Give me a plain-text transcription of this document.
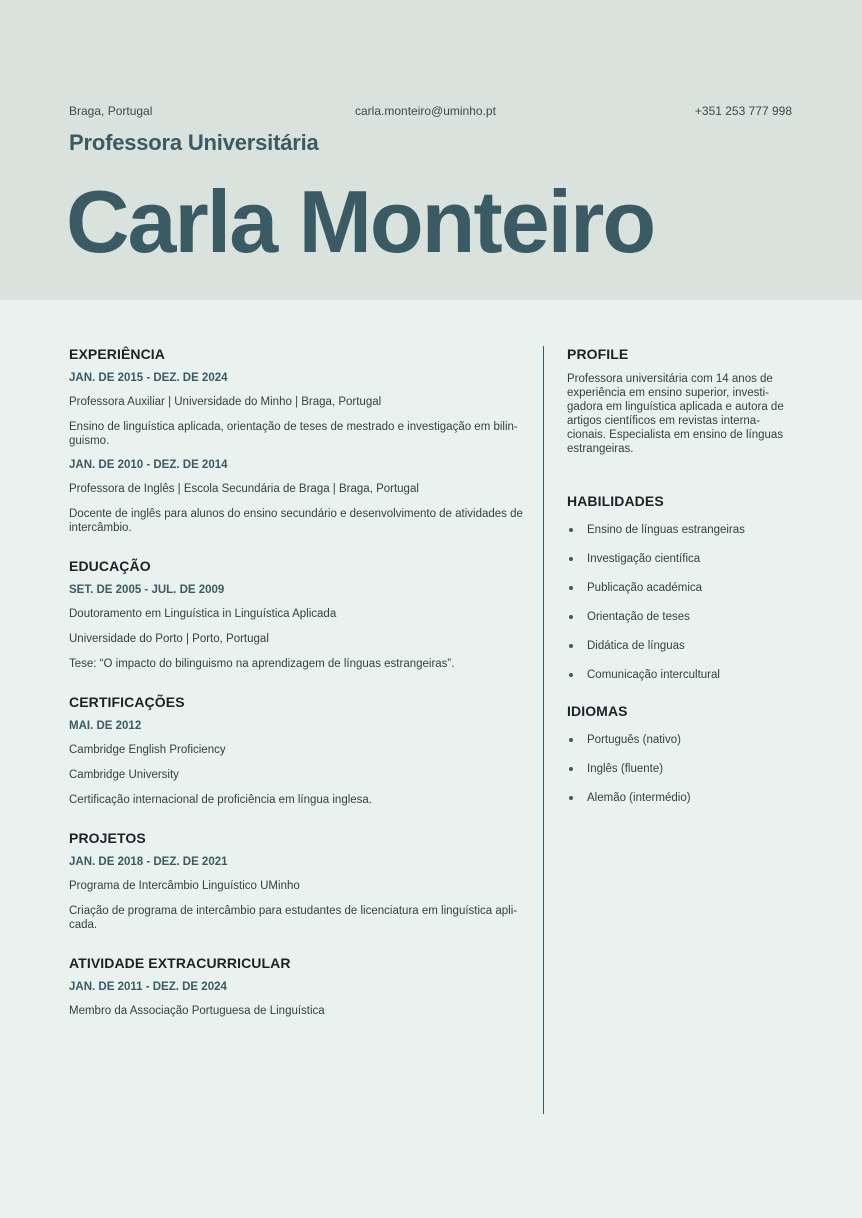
Braga, Portugal	carla.monteiro@uminho.pt	+351 253 777 998
Professora Universitária
Carla Monteiro
EXPERIÊNCIA
JAN. DE 2015 - DEZ. DE 2024
Professora Auxiliar | Universidade do Minho | Braga, Portugal
Ensino de linguística aplicada, orientação de teses de mestrado e investigação em bilin-guismo.
JAN. DE 2010 - DEZ. DE 2014
Professora de Inglês | Escola Secundária de Braga | Braga, Portugal
Docente de inglês para alunos do ensino secundário e desenvolvimento de atividades de intercâmbio.
EDUCAÇÃO
SET. DE 2005 - JUL. DE 2009
Doutoramento em Linguística in Linguística Aplicada
Universidade do Porto | Porto, Portugal
Tese: “O impacto do bilinguismo na aprendizagem de línguas estrangeiras”.
CERTIFICAÇÕES
MAI. DE 2012
Cambridge English Proficiency
Cambridge University
Certificação internacional de proficiência em língua inglesa.
PROJETOS
JAN. DE 2018 - DEZ. DE 2021
Programa de Intercâmbio Linguístico UMinho
Criação de programa de intercâmbio para estudantes de licenciatura em linguística apli-cada.
ATIVIDADE EXTRACURRICULAR
JAN. DE 2011 - DEZ. DE 2024
Membro da Associação Portuguesa de Linguística
PROFILE
Professora universitária com 14 anos de experiência em ensino superior, investi-gadora em linguística aplicada e autora de artigos científicos em revistas interna-cionais. Especialista em ensino de línguas estrangeiras.
HABILIDADES
Ensino de línguas estrangeiras
Investigação científica
Publicação académica
Orientação de teses
Didática de línguas
Comunicação intercultural
IDIOMAS
Português (nativo)
Inglês (fluente)
Alemão (intermédio)
